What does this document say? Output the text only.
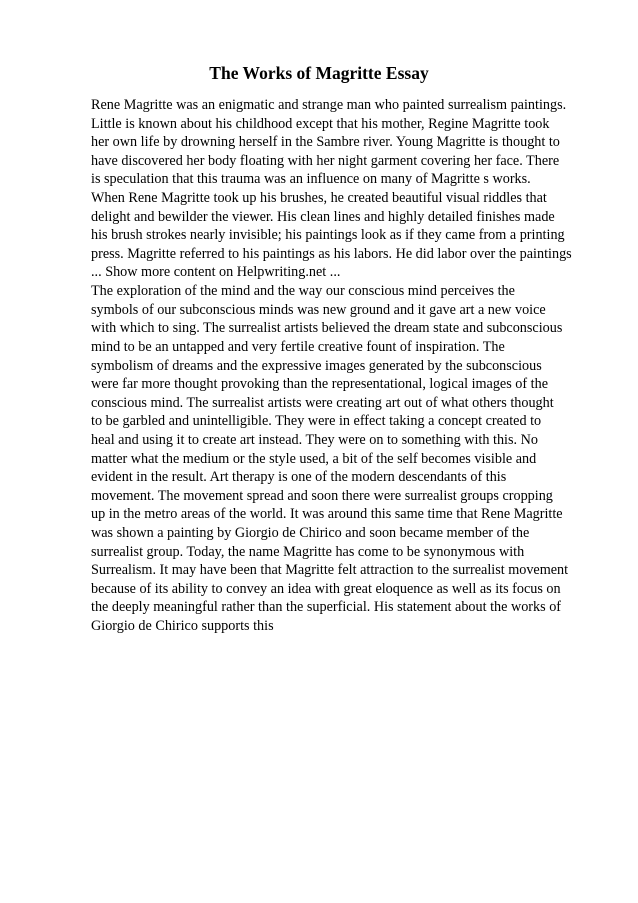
The Works of Magritte Essay
Rene Magritte was an enigmatic and strange man who painted surrealism paintings.
Little is known about his childhood except that his mother, Regine Magritte took
her own life by drowning herself in the Sambre river. Young Magritte is thought to
have discovered her body floating with her night garment covering her face. There
is speculation that this trauma was an influence on many of Magritte s works.
When Rene Magritte took up his brushes, he created beautiful visual riddles that
delight and bewilder the viewer. His clean lines and highly detailed finishes made
his brush strokes nearly invisible; his paintings look as if they came from a printing
press. Magritte referred to his paintings as his labors. He did labor over the paintings
... Show more content on Helpwriting.net ...
The exploration of the mind and the way our conscious mind perceives the
symbols of our subconscious minds was new ground and it gave art a new voice
with which to sing. The surrealist artists believed the dream state and subconscious
mind to be an untapped and very fertile creative fount of inspiration. The
symbolism of dreams and the expressive images generated by the subconscious
were far more thought provoking than the representational, logical images of the
conscious mind. The surrealist artists were creating art out of what others thought
to be garbled and unintelligible. They were in effect taking a concept created to
heal and using it to create art instead. They were on to something with this. No
matter what the medium or the style used, a bit of the self becomes visible and
evident in the result. Art therapy is one of the modern descendants of this
movement. The movement spread and soon there were surrealist groups cropping
up in the metro areas of the world. It was around this same time that Rene Magritte
was shown a painting by Giorgio de Chirico and soon became member of the
surrealist group. Today, the name Magritte has come to be synonymous with
Surrealism. It may have been that Magritte felt attraction to the surrealist movement
because of its ability to convey an idea with great eloquence as well as its focus on
the deeply meaningful rather than the superficial. His statement about the works of
Giorgio de Chirico supports this
